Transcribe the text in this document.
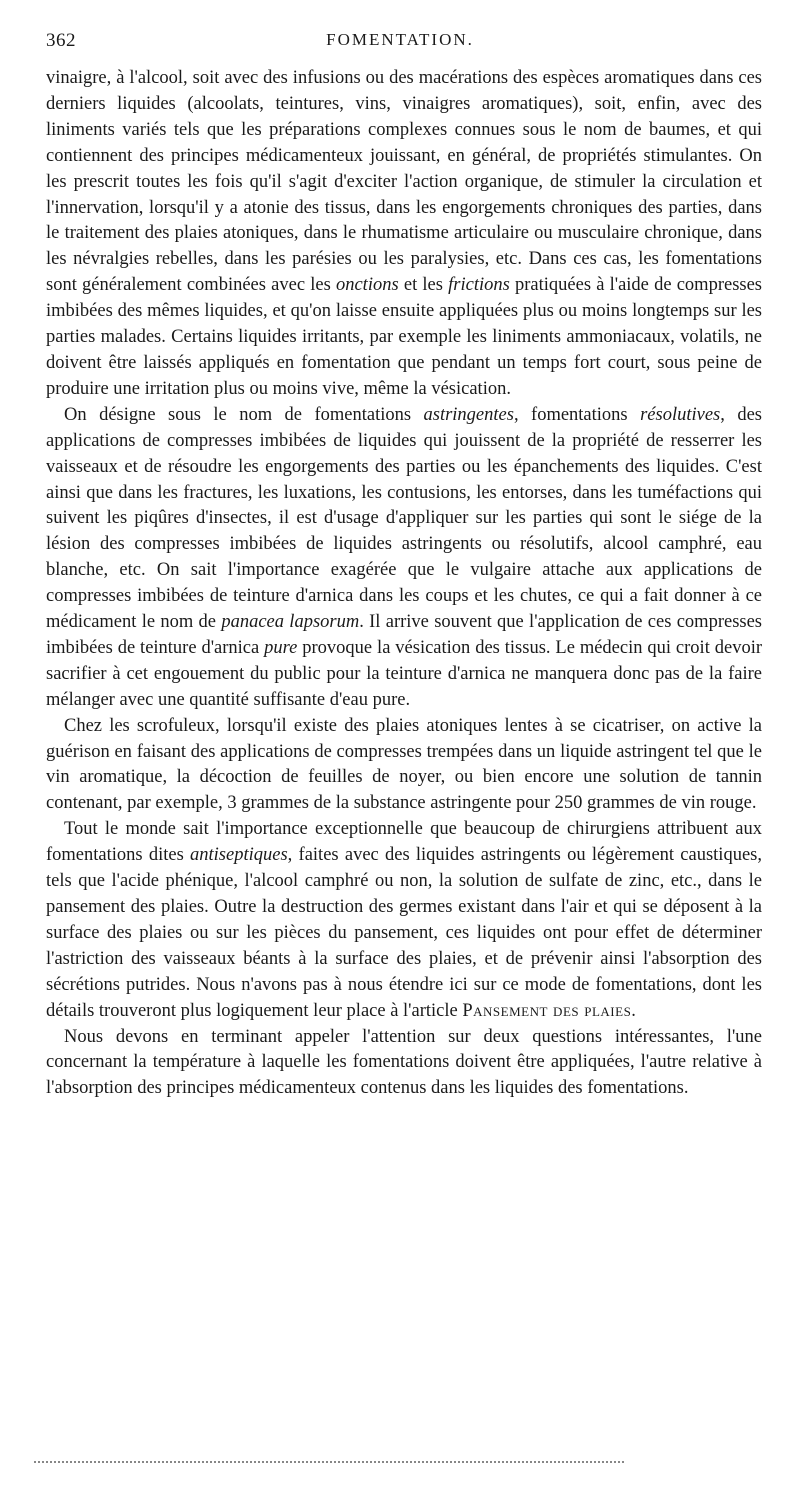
362	FOMENTATION.

vinaigre, à l'alcool, soit avec des infusions ou des macérations des espèces aromatiques dans ces derniers liquides (alcoolats, teintures, vins, vinaigres aromatiques), soit, enfin, avec des liniments variés tels que les préparations complexes connues sous le nom de baumes, et qui contiennent des principes médicamenteux jouissant, en général, de propriétés stimulantes. On les prescrit toutes les fois qu'il s'agit d'exciter l'action organique, de stimuler la circulation et l'innervation, lorsqu'il y a atonie des tissus, dans les engorgements chroniques des parties, dans le traitement des plaies atoniques, dans le rhumatisme articulaire ou musculaire chronique, dans les névralgies rebelles, dans les parésies ou les paralysies, etc. Dans ces cas, les fomentations sont généralement combinées avec les onctions et les frictions pratiquées à l'aide de compresses imbibées des mêmes liquides, et qu'on laisse ensuite appliquées plus ou moins longtemps sur les parties malades. Certains liquides irritants, par exemple les liniments ammoniacaux, volatils, ne doivent être laissés appliqués en fomentation que pendant un temps fort court, sous peine de produire une irritation plus ou moins vive, même la vésication.

On désigne sous le nom de fomentations astringentes, fomentations résolutives, des applications de compresses imbibées de liquides qui jouissent de la propriété de resserrer les vaisseaux et de résoudre les engorgements des parties ou les épanchements des liquides. C'est ainsi que dans les fractures, les luxations, les contusions, les entorses, dans les tuméfactions qui suivent les piqûres d'insectes, il est d'usage d'appliquer sur les parties qui sont le siége de la lésion des compresses imbibées de liquides astringents ou résolutifs, alcool camphré, eau blanche, etc. On sait l'importance exagérée que le vulgaire attache aux applications de compresses imbibées de teinture d'arnica dans les coups et les chutes, ce qui a fait donner à ce médicament le nom de panacea lapsorum. Il arrive souvent que l'application de ces compresses imbibées de teinture d'arnica pure provoque la vésication des tissus. Le médecin qui croit devoir sacrifier à cet engouement du public pour la teinture d'arnica ne manquera donc pas de la faire mélanger avec une quantité suffisante d'eau pure.

Chez les scrofuleux, lorsqu'il existe des plaies atoniques lentes à se cicatriser, on active la guérison en faisant des applications de compresses trempées dans un liquide astringent tel que le vin aromatique, la décoction de feuilles de noyer, ou bien encore une solution de tannin contenant, par exemple, 3 grammes de la substance astringente pour 250 grammes de vin rouge.

Tout le monde sait l'importance exceptionnelle que beaucoup de chirurgiens attribuent aux fomentations dites antiseptiques, faites avec des liquides astringents ou légèrement caustiques, tels que l'acide phénique, l'alcool camphré ou non, la solution de sulfate de zinc, etc., dans le pansement des plaies. Outre la destruction des germes existant dans l'air et qui se déposent à la surface des plaies ou sur les pièces du pansement, ces liquides ont pour effet de déterminer l'astriction des vaisseaux béants à la surface des plaies, et de prévenir ainsi l'absorption des sécrétions putrides. Nous n'avons pas à nous étendre ici sur ce mode de fomentations, dont les détails trouveront plus logiquement leur place à l'article Pansement des plaies.

Nous devons en terminant appeler l'attention sur deux questions intéressantes, l'une concernant la température à laquelle les fomentations doivent être appliquées, l'autre relative à l'absorption des principes médicamenteux contenus dans les liquides des fomentations.
